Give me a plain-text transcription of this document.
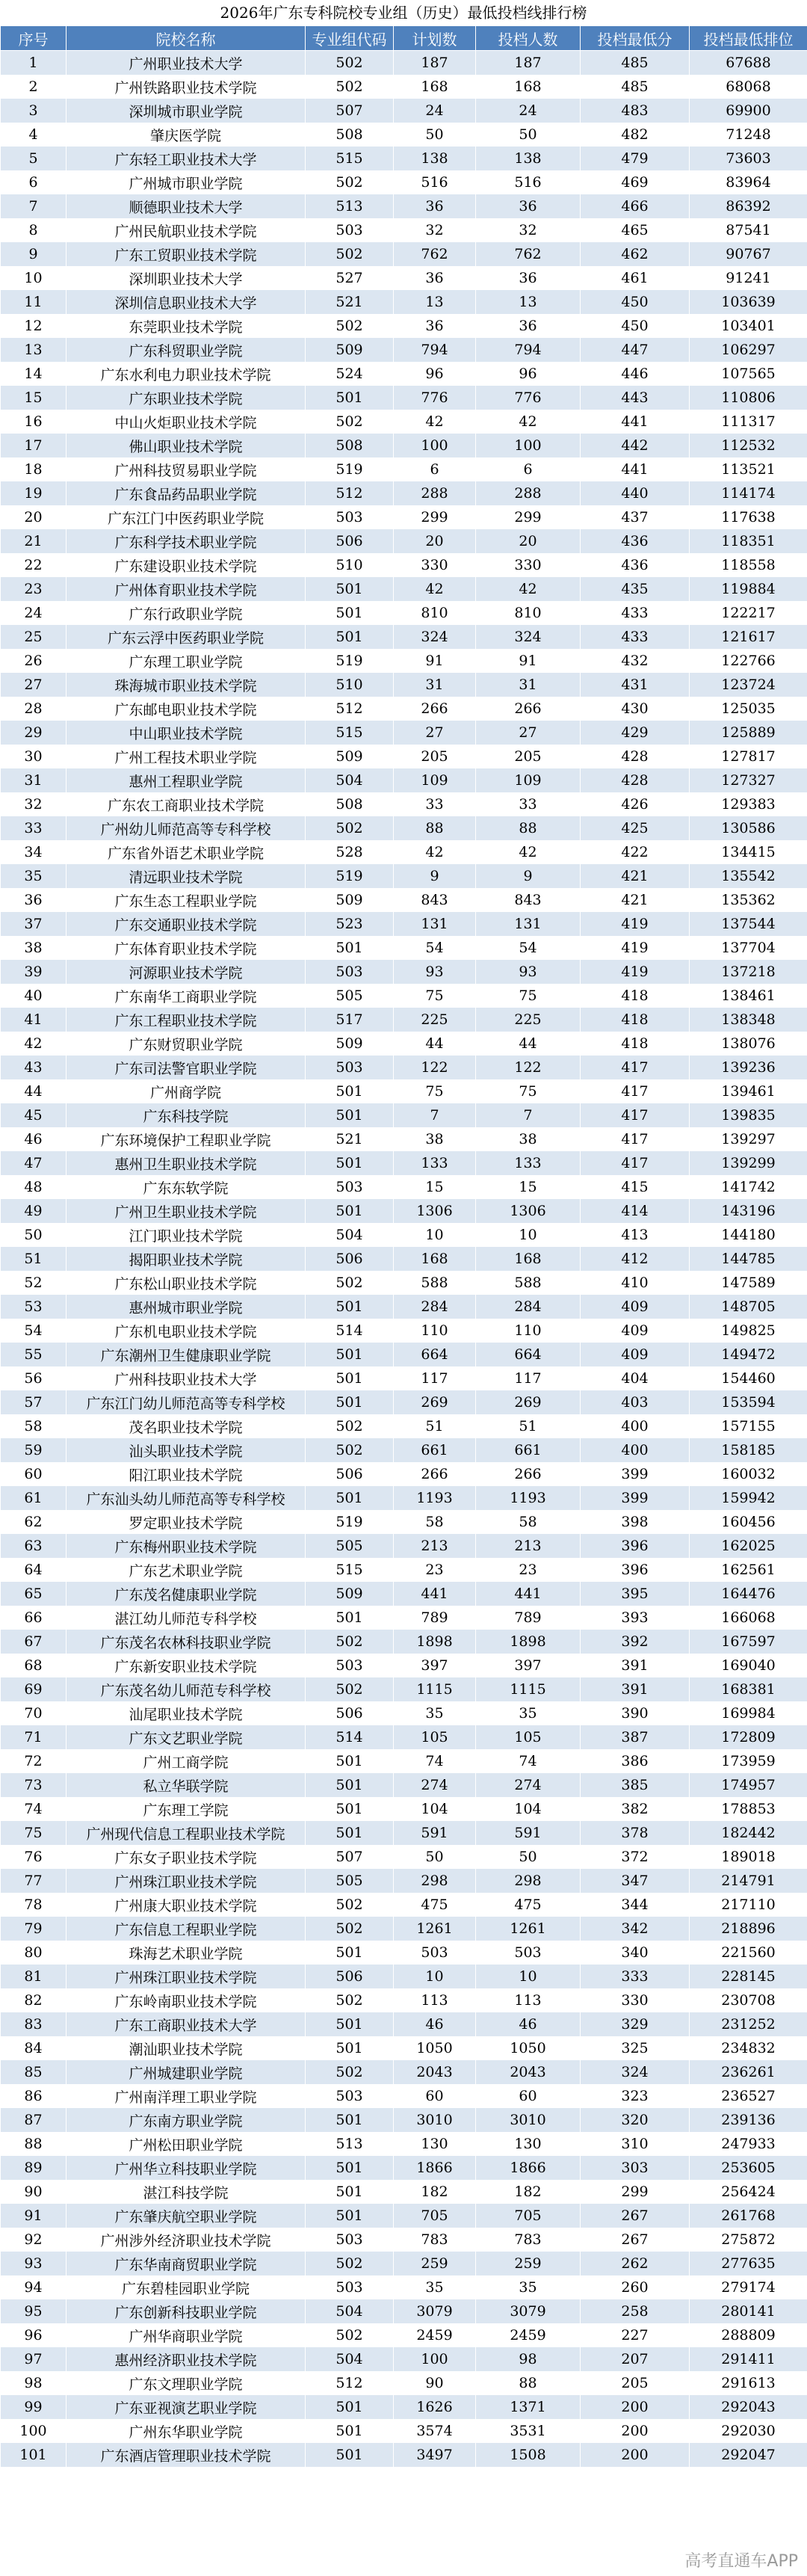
2026年广东专科院校专业组（历史）最低投档线排行榜
序号	院校名称	专业组代码	计划数	投档人数	投档最低分	投档最低排位
1	广州职业技术大学	502	187	187	485	67688
2	广州铁路职业技术学院	502	168	168	485	68068
3	深圳城市职业学院	507	24	24	483	69900
4	肇庆医学院	508	50	50	482	71248
5	广东轻工职业技术大学	515	138	138	479	73603
6	广州城市职业学院	502	516	516	469	83964
7	顺德职业技术大学	513	36	36	466	86392
8	广州民航职业技术学院	503	32	32	465	87541
9	广东工贸职业技术学院	502	762	762	462	90767
10	深圳职业技术大学	527	36	36	461	91241
11	深圳信息职业技术大学	521	13	13	450	103639
12	东莞职业技术学院	502	36	36	450	103401
13	广东科贸职业学院	509	794	794	447	106297
14	广东水利电力职业技术学院	524	96	96	446	107565
15	广东职业技术学院	501	776	776	443	110806
16	中山火炬职业技术学院	502	42	42	441	111317
17	佛山职业技术学院	508	100	100	442	112532
18	广州科技贸易职业学院	519	6	6	441	113521
19	广东食品药品职业学院	512	288	288	440	114174
20	广东江门中医药职业学院	503	299	299	437	117638
21	广东科学技术职业学院	506	20	20	436	118351
22	广东建设职业技术学院	510	330	330	436	118558
23	广州体育职业技术学院	501	42	42	435	119884
24	广东行政职业学院	501	810	810	433	122217
25	广东云浮中医药职业学院	501	324	324	433	121617
26	广东理工职业学院	519	91	91	432	122766
27	珠海城市职业技术学院	510	31	31	431	123724
28	广东邮电职业技术学院	512	266	266	430	125035
29	中山职业技术学院	515	27	27	429	125889
30	广州工程技术职业学院	509	205	205	428	127817
31	惠州工程职业学院	504	109	109	428	127327
32	广东农工商职业技术学院	508	33	33	426	129383
33	广州幼儿师范高等专科学校	502	88	88	425	130586
34	广东省外语艺术职业学院	528	42	42	422	134415
35	清远职业技术学院	519	9	9	421	135542
36	广东生态工程职业学院	509	843	843	421	135362
37	广东交通职业技术学院	523	131	131	419	137544
38	广东体育职业技术学院	501	54	54	419	137704
39	河源职业技术学院	503	93	93	419	137218
40	广东南华工商职业学院	505	75	75	418	138461
41	广东工程职业技术学院	517	225	225	418	138348
42	广东财贸职业学院	509	44	44	418	138076
43	广东司法警官职业学院	503	122	122	417	139236
44	广州商学院	501	75	75	417	139461
45	广东科技学院	501	7	7	417	139835
46	广东环境保护工程职业学院	521	38	38	417	139297
47	惠州卫生职业技术学院	501	133	133	417	139299
48	广东东软学院	503	15	15	415	141742
49	广州卫生职业技术学院	501	1306	1306	414	143196
50	江门职业技术学院	504	10	10	413	144180
51	揭阳职业技术学院	506	168	168	412	144785
52	广东松山职业技术学院	502	588	588	410	147589
53	惠州城市职业学院	501	284	284	409	148705
54	广东机电职业技术学院	514	110	110	409	149825
55	广东潮州卫生健康职业学院	501	664	664	409	149472
56	广州科技职业技术大学	501	117	117	404	154460
57	广东江门幼儿师范高等专科学校	501	269	269	403	153594
58	茂名职业技术学院	502	51	51	400	157155
59	汕头职业技术学院	502	661	661	400	158185
60	阳江职业技术学院	506	266	266	399	160032
61	广东汕头幼儿师范高等专科学校	501	1193	1193	399	159942
62	罗定职业技术学院	519	58	58	398	160456
63	广东梅州职业技术学院	505	213	213	396	162025
64	广东艺术职业学院	515	23	23	396	162561
65	广东茂名健康职业学院	509	441	441	395	164476
66	湛江幼儿师范专科学校	501	789	789	393	166068
67	广东茂名农林科技职业学院	502	1898	1898	392	167597
68	广东新安职业技术学院	503	397	397	391	169040
69	广东茂名幼儿师范专科学校	502	1115	1115	391	168381
70	汕尾职业技术学院	506	35	35	390	169984
71	广东文艺职业学院	514	105	105	387	172809
72	广州工商学院	501	74	74	386	173959
73	私立华联学院	501	274	274	385	174957
74	广东理工学院	501	104	104	382	178853
75	广州现代信息工程职业技术学院	501	591	591	378	182442
76	广东女子职业技术学院	507	50	50	372	189018
77	广州珠江职业技术学院	505	298	298	347	214791
78	广州康大职业技术学院	502	475	475	344	217110
79	广东信息工程职业学院	502	1261	1261	342	218896
80	珠海艺术职业学院	501	503	503	340	221560
81	广州珠江职业技术学院	506	10	10	333	228145
82	广东岭南职业技术学院	502	113	113	330	230708
83	广东工商职业技术大学	501	46	46	329	231252
84	潮汕职业技术学院	501	1050	1050	325	234832
85	广州城建职业学院	502	2043	2043	324	236261
86	广州南洋理工职业学院	503	60	60	323	236527
87	广东南方职业学院	501	3010	3010	320	239136
88	广州松田职业学院	513	130	130	310	247933
89	广州华立科技职业学院	501	1866	1866	303	253605
90	湛江科技学院	501	182	182	299	256424
91	广东肇庆航空职业学院	501	705	705	267	261768
92	广州涉外经济职业技术学院	503	783	783	267	275872
93	广东华南商贸职业学院	502	259	259	262	277635
94	广东碧桂园职业学院	503	35	35	260	279174
95	广东创新科技职业学院	504	3079	3079	258	280141
96	广州华商职业学院	502	2459	2459	227	288809
97	惠州经济职业技术学院	504	100	98	207	291411
98	广东文理职业学院	512	90	88	205	291613
99	广东亚视演艺职业学院	501	1626	1371	200	292043
100	广州东华职业学院	501	3574	3531	200	292030
101	广东酒店管理职业技术学院	501	3497	1508	200	292047
高考直通车APP
